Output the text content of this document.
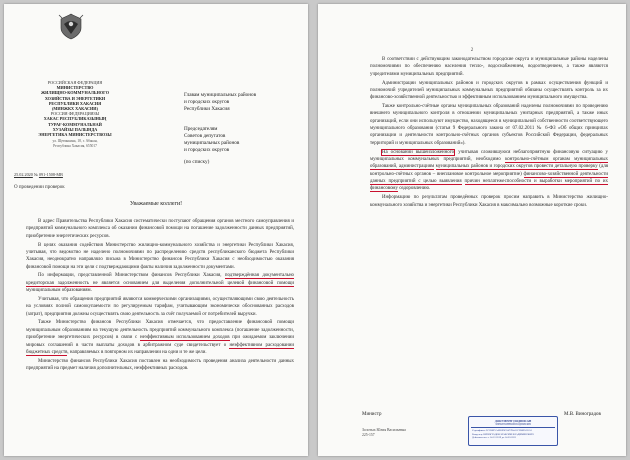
РОССИЙСКАЯ ФЕДЕРАЦИЯ
МИНИСТЕРСТВО
ЖИЛИЩНО-КОММУНАЛЬНОГО
ХОЗЯЙСТВА И ЭНЕРГЕТИКИ
РЕСПУБЛИКИ ХАКАСИЯ
(МИНЖКХ ХАКАСИИ)
РОССИЯ ФЕДЕРАЦИЯЗЫ
ХАКАС РЕСПУБЛИКАЗЫНЫҢ
ТУРАҒ-КОММУНАЛЬНАЙ
ХУЗАЙЗЫ ПАЛЫНДА
ЭНЕРГЕТИКА МИНИСТЕРСТВОЗЫ
ул. Щетинкина, 18, г. Абакан,
Республика Хакасия, 655017
25.02.2020 № 091-1508-МВ
О проведении проверок

Главам муниципальных районов

и городских округов

Республики Хакасия

Председателям

Советов депутатов

муниципальных районов

и городских округов

(по списку)

Уважаемые коллеги!

В адрес Правительства Республики Хакасия систематически поступают обращения органов местного самоуправления и предприятий коммунального комплекса об оказании финансовой помощи на погашение задолженности данных предприятий, приобретение энергетических ресурсов.

В целях оказания содействия Министерство жилищно-коммунального хозяйства и энергетики Республики Хакасия, учитывая, что ведомство не наделено полномочиями по распределению средств республиканского бюджета Республики Хакасия, неоднократно направляло письма в Министерство финансов Республики Хакасия с необходимостью оказания финансовой помощи на эти цели с подтверждающими факты наличия задолженности документами.

По информации, представленной Министерством финансов Республики Хакасия, подтверждённая документально кредиторская задолженность не является основанием для выделения дополнительной целевой финансовой помощи муниципальным образованиям.

Учитывая, что обращения предприятий являются коммерческими организациями, осуществляющими свою деятельность на условиях полной самоокупаемости по регулируемым тарифам, учитывающим экономически обоснованных расходов (затрат), предприятия должны осуществлять свою деятельность за счёт получаемой от потребителей выручки.

Также Министерство финансов Республики Хакасия отмечается, что предоставление финансовой помощи муниципальным образованиям на текущую деятельность предприятий коммунального комплекса (погашение задолженности, приобретение энергетических ресурсов) в связи с неэффективным использованием доходов при ожидаемом заключении мировых соглашений в части выплаты доходов в арбитражном суде свидетельствует о неэффективном расходовании бюджетных средств, направляемых в повторном их направлении на одни и те же цели.

Министерство финансов Республики Хакасия поставлен на необходимость проведения анализа деятельности данных предприятий на предмет наличия дополнительных, неэффективных расходов.

2

В соответствии с действующим законодательством городские округа и муниципальные районы наделены полномочиями по обеспечению населения тепло-, водоснабжением, водоотведением, а также являются учредителями муниципальных предприятий.

Администрации муниципальных районов и городских округов в рамках осуществления функций и полномочий учредителей муниципальных коммунальных предприятий обязаны осуществлять контроль за их финансово-хозяйственной деятельностью и эффективным использованием муниципального имущества.

Также контрольно-счётные органы муниципальных образований наделены полномочиями по проведению внешнего муниципального контроля в отношении муниципальных унитарных предприятий, а также иных организаций, если они используют имущество, находящееся в муниципальной собственности соответствующего муниципального образования (статья 9 Федерального закона от 07.02.2011 № 6-ФЗ «Об общих принципах организации и деятельности контрольно-счётных органов субъектов Российской Федерации, федеральных территорий и муниципальных образований»).

На основании вышеизложенного, учитывая сложившуюся неблагоприятную финансовую ситуацию у муниципальных коммунальных предприятий, необходимо контрольно-счётным органам муниципальных образований, администрациям муниципальных районов и городских округов провести детальную проверку (для контрольно-счётных органов – внеплановое контрольное мероприятие) финансово-хозяйственной деятельности данных предприятий с целью выявления причин неплатежеспособности и выработки мероприятий по их финансовому оздоровлению.

Информацию по результатам проведённых проверок просим направить в Министерство жилищно-коммунального хозяйства и энергетики Республики Хакасия в максимально возможные короткие сроки.

Министр	М.В. Виноградов
ДОКУМЕНТ ПОДПИСАН
ЭЛЕКТРОННОЙ ПОДПИСЬЮ
Сертификат: 2C1D8F5A6B3E9C0477D4A1F2B8E5C6A3
Владелец: ВИНОГРАДОВ МАКСИМ ВЛАДИМИРОВИЧ
Действителен: с 14.12.2019 до 14.03.2021
Золотых Юлия Васильевна
225-157
